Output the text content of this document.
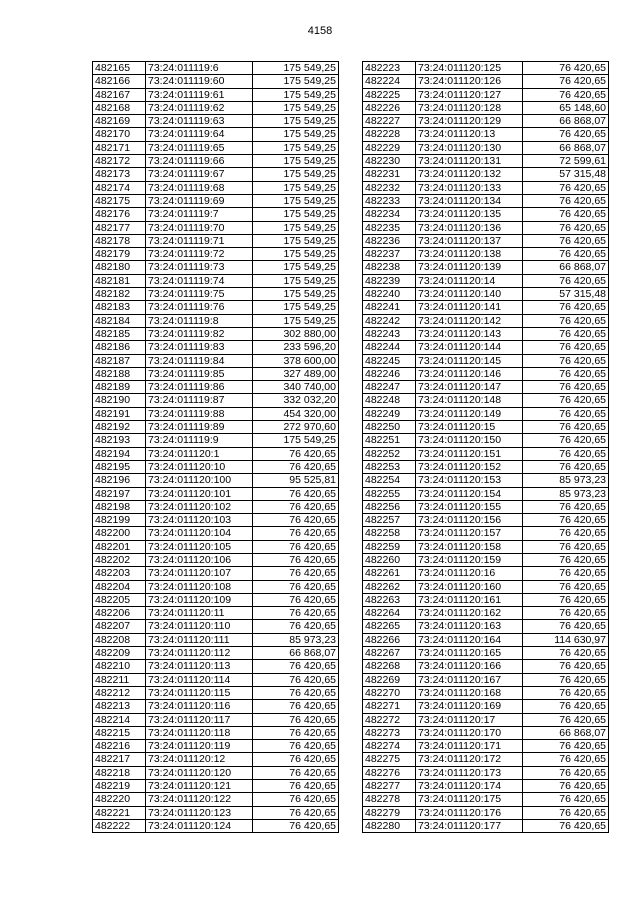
4158
482165	73:24:011119:6	175 549,25
482166	73:24:011119:60	175 549,25
482167	73:24:011119:61	175 549,25
482168	73:24:011119:62	175 549,25
482169	73:24:011119:63	175 549,25
482170	73:24:011119:64	175 549,25
482171	73:24:011119:65	175 549,25
482172	73:24:011119:66	175 549,25
482173	73:24:011119:67	175 549,25
482174	73:24:011119:68	175 549,25
482175	73:24:011119:69	175 549,25
482176	73:24:011119:7	175 549,25
482177	73:24:011119:70	175 549,25
482178	73:24:011119:71	175 549,25
482179	73:24:011119:72	175 549,25
482180	73:24:011119:73	175 549,25
482181	73:24:011119:74	175 549,25
482182	73:24:011119:75	175 549,25
482183	73:24:011119:76	175 549,25
482184	73:24:011119:8	175 549,25
482185	73:24:011119:82	302 880,00
482186	73:24:011119:83	233 596,20
482187	73:24:011119:84	378 600,00
482188	73:24:011119:85	327 489,00
482189	73:24:011119:86	340 740,00
482190	73:24:011119:87	332 032,20
482191	73:24:011119:88	454 320,00
482192	73:24:011119:89	272 970,60
482193	73:24:011119:9	175 549,25
482194	73:24:011120:1	76 420,65
482195	73:24:011120:10	76 420,65
482196	73:24:011120:100	95 525,81
482197	73:24:011120:101	76 420,65
482198	73:24:011120:102	76 420,65
482199	73:24:011120:103	76 420,65
482200	73:24:011120:104	76 420,65
482201	73:24:011120:105	76 420,65
482202	73:24:011120:106	76 420,65
482203	73:24:011120:107	76 420,65
482204	73:24:011120:108	76 420,65
482205	73:24:011120:109	76 420,65
482206	73:24:011120:11	76 420,65
482207	73:24:011120:110	76 420,65
482208	73:24:011120:111	85 973,23
482209	73:24:011120:112	66 868,07
482210	73:24:011120:113	76 420,65
482211	73:24:011120:114	76 420,65
482212	73:24:011120:115	76 420,65
482213	73:24:011120:116	76 420,65
482214	73:24:011120:117	76 420,65
482215	73:24:011120:118	76 420,65
482216	73:24:011120:119	76 420,65
482217	73:24:011120:12	76 420,65
482218	73:24:011120:120	76 420,65
482219	73:24:011120:121	76 420,65
482220	73:24:011120:122	76 420,65
482221	73:24:011120:123	76 420,65
482222	73:24:011120:124	76 420,65
482223	73:24:011120:125	76 420,65
482224	73:24:011120:126	76 420,65
482225	73:24:011120:127	76 420,65
482226	73:24:011120:128	65 148,60
482227	73:24:011120:129	66 868,07
482228	73:24:011120:13	76 420,65
482229	73:24:011120:130	66 868,07
482230	73:24:011120:131	72 599,61
482231	73:24:011120:132	57 315,48
482232	73:24:011120:133	76 420,65
482233	73:24:011120:134	76 420,65
482234	73:24:011120:135	76 420,65
482235	73:24:011120:136	76 420,65
482236	73:24:011120:137	76 420,65
482237	73:24:011120:138	76 420,65
482238	73:24:011120:139	66 868,07
482239	73:24:011120:14	76 420,65
482240	73:24:011120:140	57 315,48
482241	73:24:011120:141	76 420,65
482242	73:24:011120:142	76 420,65
482243	73:24:011120:143	76 420,65
482244	73:24:011120:144	76 420,65
482245	73:24:011120:145	76 420,65
482246	73:24:011120:146	76 420,65
482247	73:24:011120:147	76 420,65
482248	73:24:011120:148	76 420,65
482249	73:24:011120:149	76 420,65
482250	73:24:011120:15	76 420,65
482251	73:24:011120:150	76 420,65
482252	73:24:011120:151	76 420,65
482253	73:24:011120:152	76 420,65
482254	73:24:011120:153	85 973,23
482255	73:24:011120:154	85 973,23
482256	73:24:011120:155	76 420,65
482257	73:24:011120:156	76 420,65
482258	73:24:011120:157	76 420,65
482259	73:24:011120:158	76 420,65
482260	73:24:011120:159	76 420,65
482261	73:24:011120:16	76 420,65
482262	73:24:011120:160	76 420,65
482263	73:24:011120:161	76 420,65
482264	73:24:011120:162	76 420,65
482265	73:24:011120:163	76 420,65
482266	73:24:011120:164	114 630,97
482267	73:24:011120:165	76 420,65
482268	73:24:011120:166	76 420,65
482269	73:24:011120:167	76 420,65
482270	73:24:011120:168	76 420,65
482271	73:24:011120:169	76 420,65
482272	73:24:011120:17	76 420,65
482273	73:24:011120:170	66 868,07
482274	73:24:011120:171	76 420,65
482275	73:24:011120:172	76 420,65
482276	73:24:011120:173	76 420,65
482277	73:24:011120:174	76 420,65
482278	73:24:011120:175	76 420,65
482279	73:24:011120:176	76 420,65
482280	73:24:011120:177	76 420,65
